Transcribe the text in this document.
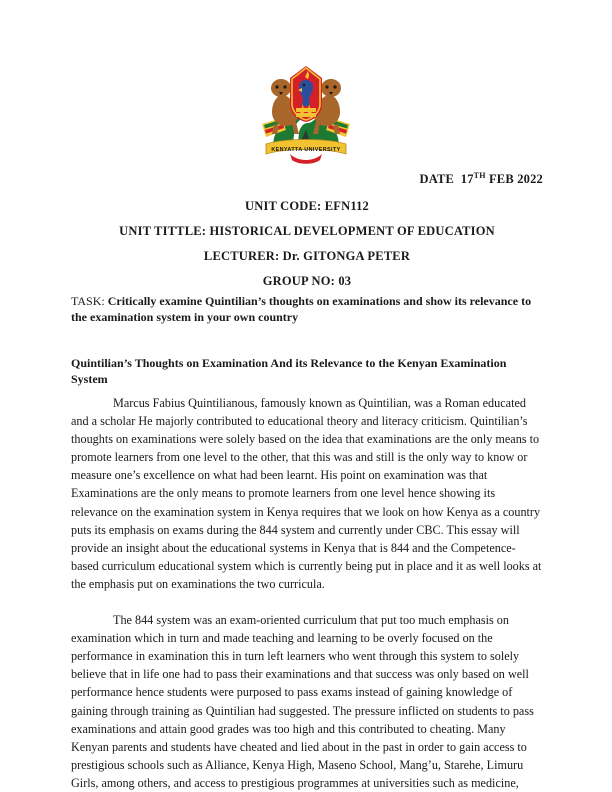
KENYATTA UNIVERSITY
DATE 17TH FEB 2022
UNIT CODE: EFN112
UNIT TITTLE: HISTORICAL DEVELOPMENT OF EDUCATION
LECTURER: Dr. GITONGA PETER
GROUP NO: 03
TASK: Critically examine Quintilian’s thoughts on examinations and show its relevance to the examination system in your own country
Quintilian’s Thoughts on Examination And its Relevance to the Kenyan Examination System

Marcus Fabius Quintilianous, famously known as Quintilian, was a Roman educated and a scholar He majorly contributed to educational theory and literacy criticism. Quintilian’s thoughts on examinations were solely based on the idea that examinations are the only means to promote learners from one level to the other, that this was and still is the only way to know or measure one’s excellence on what had been learnt. His point on examination was that Examinations are the only means to promote learners from one level hence showing its relevance on the examination system in Kenya requires that we look on how Kenya as a country puts its emphasis on exams during the 844 system and currently under CBC. This essay will provide an insight about the educational systems in Kenya that is 844 and the Competence-based curriculum educational system which is currently being put in place and it as well looks at the emphasis put on examinations the two curricula.

The 844 system was an exam-oriented curriculum that put too much emphasis on examination which in turn and made teaching and learning to be overly focused on the performance in examination this in turn left learners who went through this system to solely believe that in life one had to pass their examinations and that success was only based on well performance hence students were purposed to pass exams instead of gaining knowledge of gaining through training as Quintilian had suggested. The pressure inflicted on students to pass examinations and attain good grades was too high and this contributed to cheating. Many Kenyan parents and students have cheated and lied about in the past in order to gain access to prestigious schools such as Alliance, Kenya High, Maseno School, Mang’u, Starehe, Limuru Girls, among others, and access to prestigious programmes at universities such as medicine,
